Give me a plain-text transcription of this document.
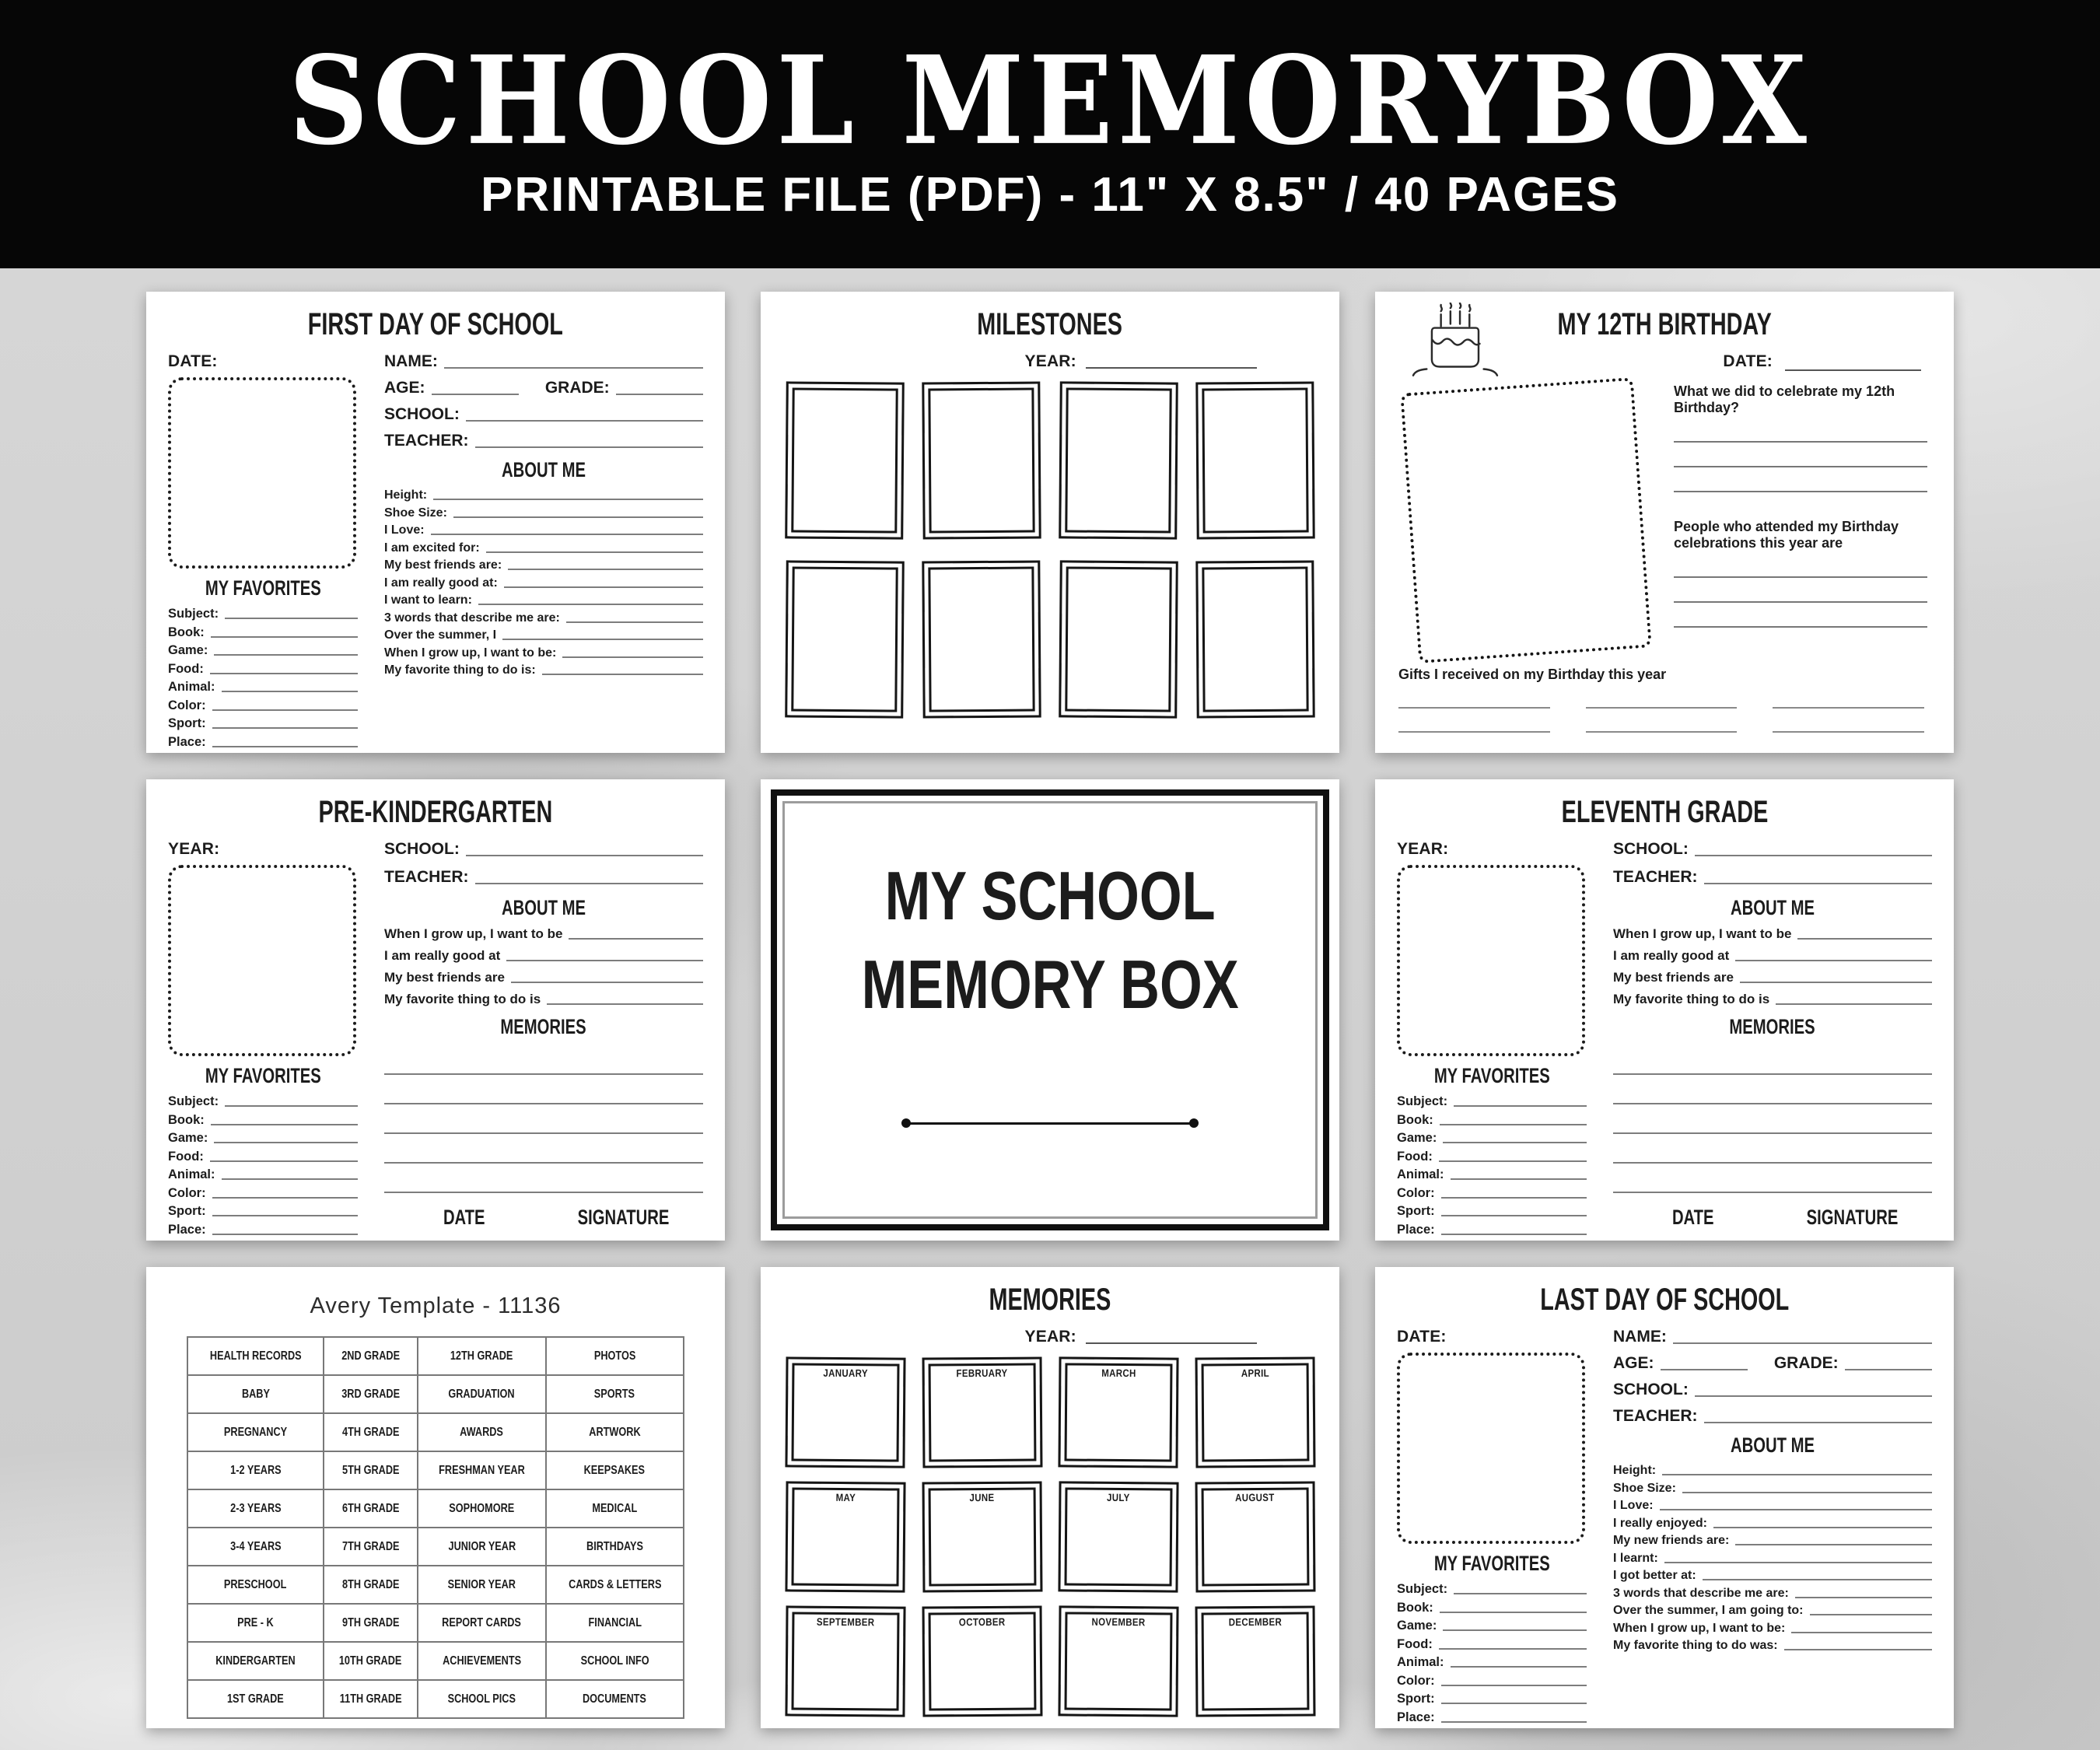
SCHOOL MEMORYBOX
PRINTABLE FILE (PDF) - 11" X 8.5" / 40 PAGES
FIRST DAY OF SCHOOL
DATE:
MY FAVORITES
Subject:
Book:
Game:
Food:
Animal:
Color:
Sport:
Place:
NAME:
AGE:	GRADE:
SCHOOL:
TEACHER:
ABOUT ME
Height:
Shoe Size:
I Love:
I am excited for:
My best friends are:
I am really good at:
I want to learn:
3 words that describe me are:
Over the summer, I
When I grow up, I want to be:
My favorite thing to do is:
MILESTONES
YEAR:
MY 12TH BIRTHDAY
DATE:
What we did to celebrate my 12th Birthday?
People who attended my Birthday celebrations this year are
Gifts I received on my Birthday this year
PRE-KINDERGARTEN
YEAR:
MY FAVORITES
Subject:
Book:
Game:
Food:
Animal:
Color:
Sport:
Place:
SCHOOL:
TEACHER:
ABOUT ME
When I grow up, I want to be
I am really good at
My best friends are
My favorite thing to do is
MEMORIES
DATE	SIGNATURE
MY SCHOOL
MEMORY BOX
ELEVENTH GRADE
YEAR:
MY FAVORITES
Subject:
Book:
Game:
Food:
Animal:
Color:
Sport:
Place:
SCHOOL:
TEACHER:
ABOUT ME
When I grow up, I want to be
I am really good at
My best friends are
My favorite thing to do is
MEMORIES
DATE	SIGNATURE
Avery Template - 11136
HEALTH RECORDS	2ND GRADE	12TH GRADE	PHOTOS
BABY	3RD GRADE	GRADUATION	SPORTS
PREGNANCY	4TH GRADE	AWARDS	ARTWORK
1-2 YEARS	5TH GRADE	FRESHMAN YEAR	KEEPSAKES
2-3 YEARS	6TH GRADE	SOPHOMORE	MEDICAL
3-4 YEARS	7TH GRADE	JUNIOR YEAR	BIRTHDAYS
PRESCHOOL	8TH GRADE	SENIOR YEAR	CARDS & LETTERS
PRE - K	9TH GRADE	REPORT CARDS	FINANCIAL
KINDERGARTEN	10TH GRADE	ACHIEVEMENTS	SCHOOL INFO
1ST GRADE	11TH GRADE	SCHOOL PICS	DOCUMENTS
MEMORIES
YEAR:
JANUARY	FEBRUARY	MARCH	APRIL
MAY	JUNE	JULY	AUGUST
SEPTEMBER	OCTOBER	NOVEMBER	DECEMBER
LAST DAY OF SCHOOL
DATE:
MY FAVORITES
Subject:
Book:
Game:
Food:
Animal:
Color:
Sport:
Place:
NAME:
AGE:	GRADE:
SCHOOL:
TEACHER:
ABOUT ME
Height:
Shoe Size:
I Love:
I really enjoyed:
My new friends are:
I learnt:
I got better at:
3 words that describe me are:
Over the summer, I am going to:
When I grow up, I want to be:
My favorite thing to do was:
